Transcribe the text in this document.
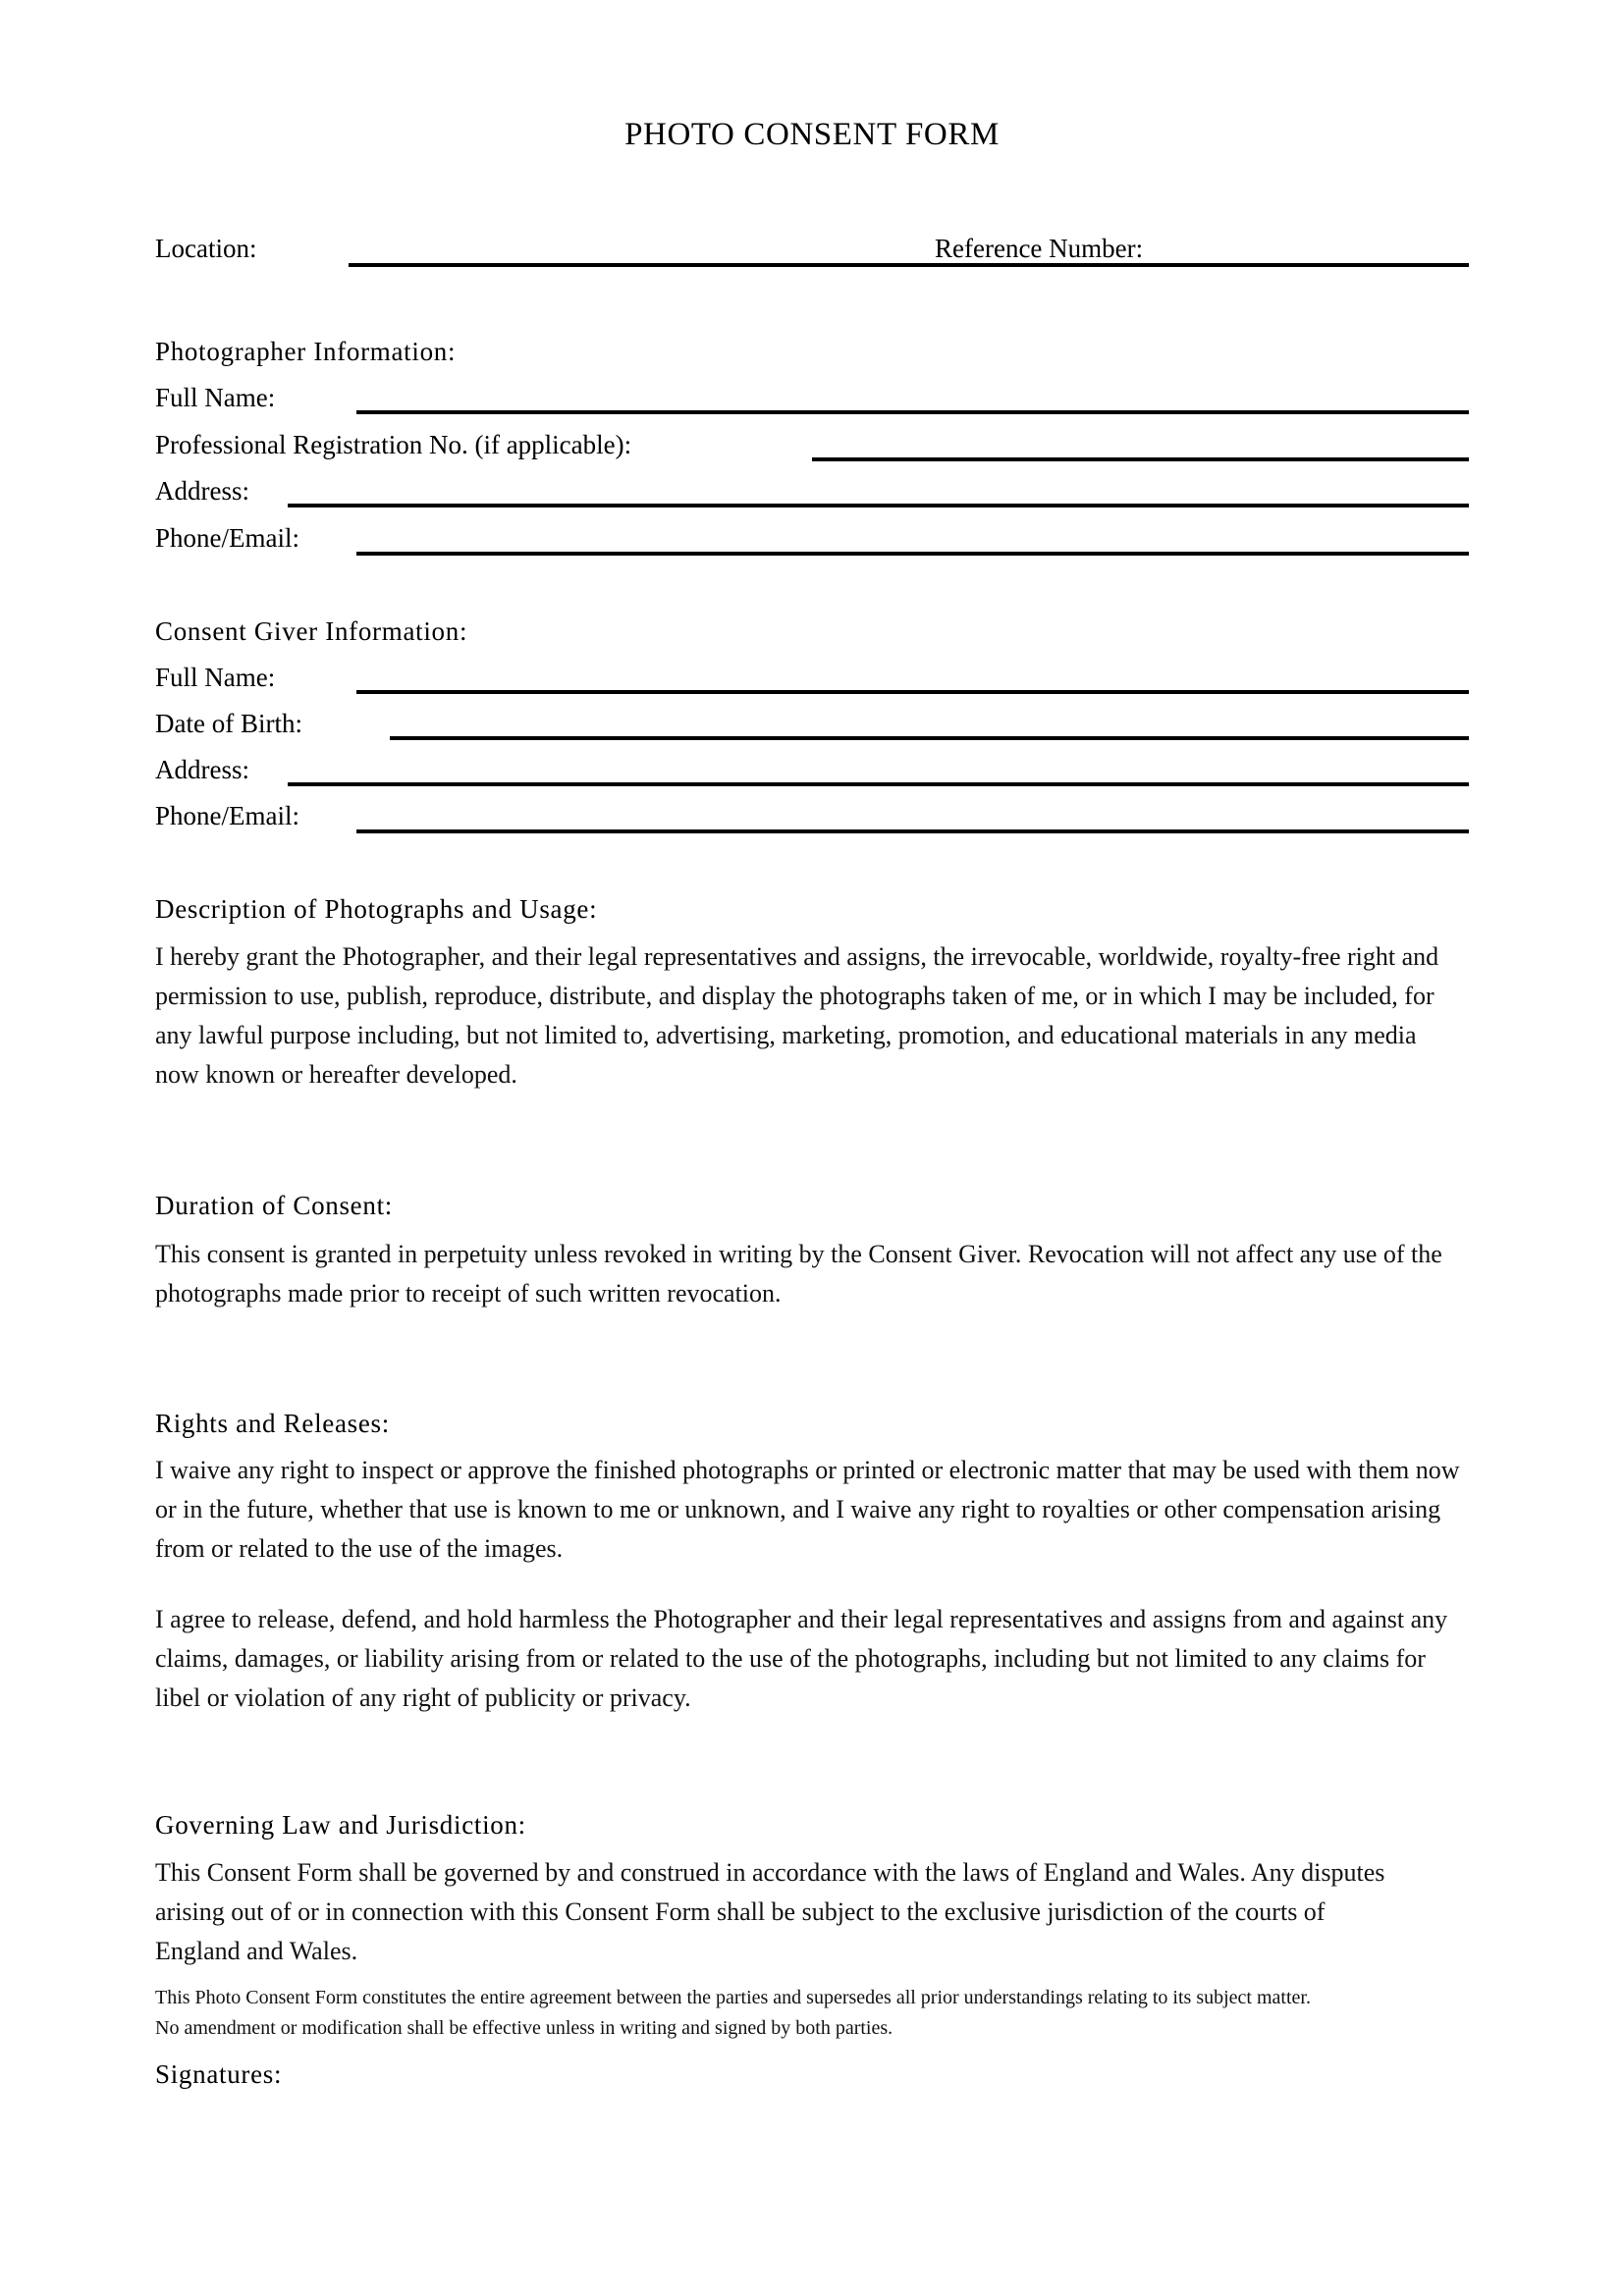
PHOTO CONSENT FORM
Location:	Reference Number:
Photographer Information:
Full Name:
Professional Registration No. (if applicable):
Address:
Phone/Email:
Consent Giver Information:
Full Name:
Date of Birth:
Address:
Phone/Email:
Description of Photographs and Usage:
I hereby grant the Photographer, and their legal representatives and assigns, the irrevocable, worldwide, royalty-free right and permission to use, publish, reproduce, distribute, and display the photographs taken of me, or in which I may be included, for any lawful purpose including, but not limited to, advertising, marketing, promotion, and educational materials in any media now known or hereafter developed.
Duration of Consent:
This consent is granted in perpetuity unless revoked in writing by the Consent Giver. Revocation will not affect any use of the photographs made prior to receipt of such written revocation.
Rights and Releases:
I waive any right to inspect or approve the finished photographs or printed or electronic matter that may be used with them now or in the future, whether that use is known to me or unknown, and I waive any right to royalties or other compensation arising from or related to the use of the images.
I agree to release, defend, and hold harmless the Photographer and their legal representatives and assigns from and against any claims, damages, or liability arising from or related to the use of the photographs, including but not limited to any claims for libel or violation of any right of publicity or privacy.
Governing Law and Jurisdiction:
This Consent Form shall be governed by and construed in accordance with the laws of England and Wales. Any disputes arising out of or in connection with this Consent Form shall be subject to the exclusive jurisdiction of the courts of England and Wales.
This Photo Consent Form constitutes the entire agreement between the parties and supersedes all prior understandings relating to its subject matter.
No amendment or modification shall be effective unless in writing and signed by both parties.
Signatures:
